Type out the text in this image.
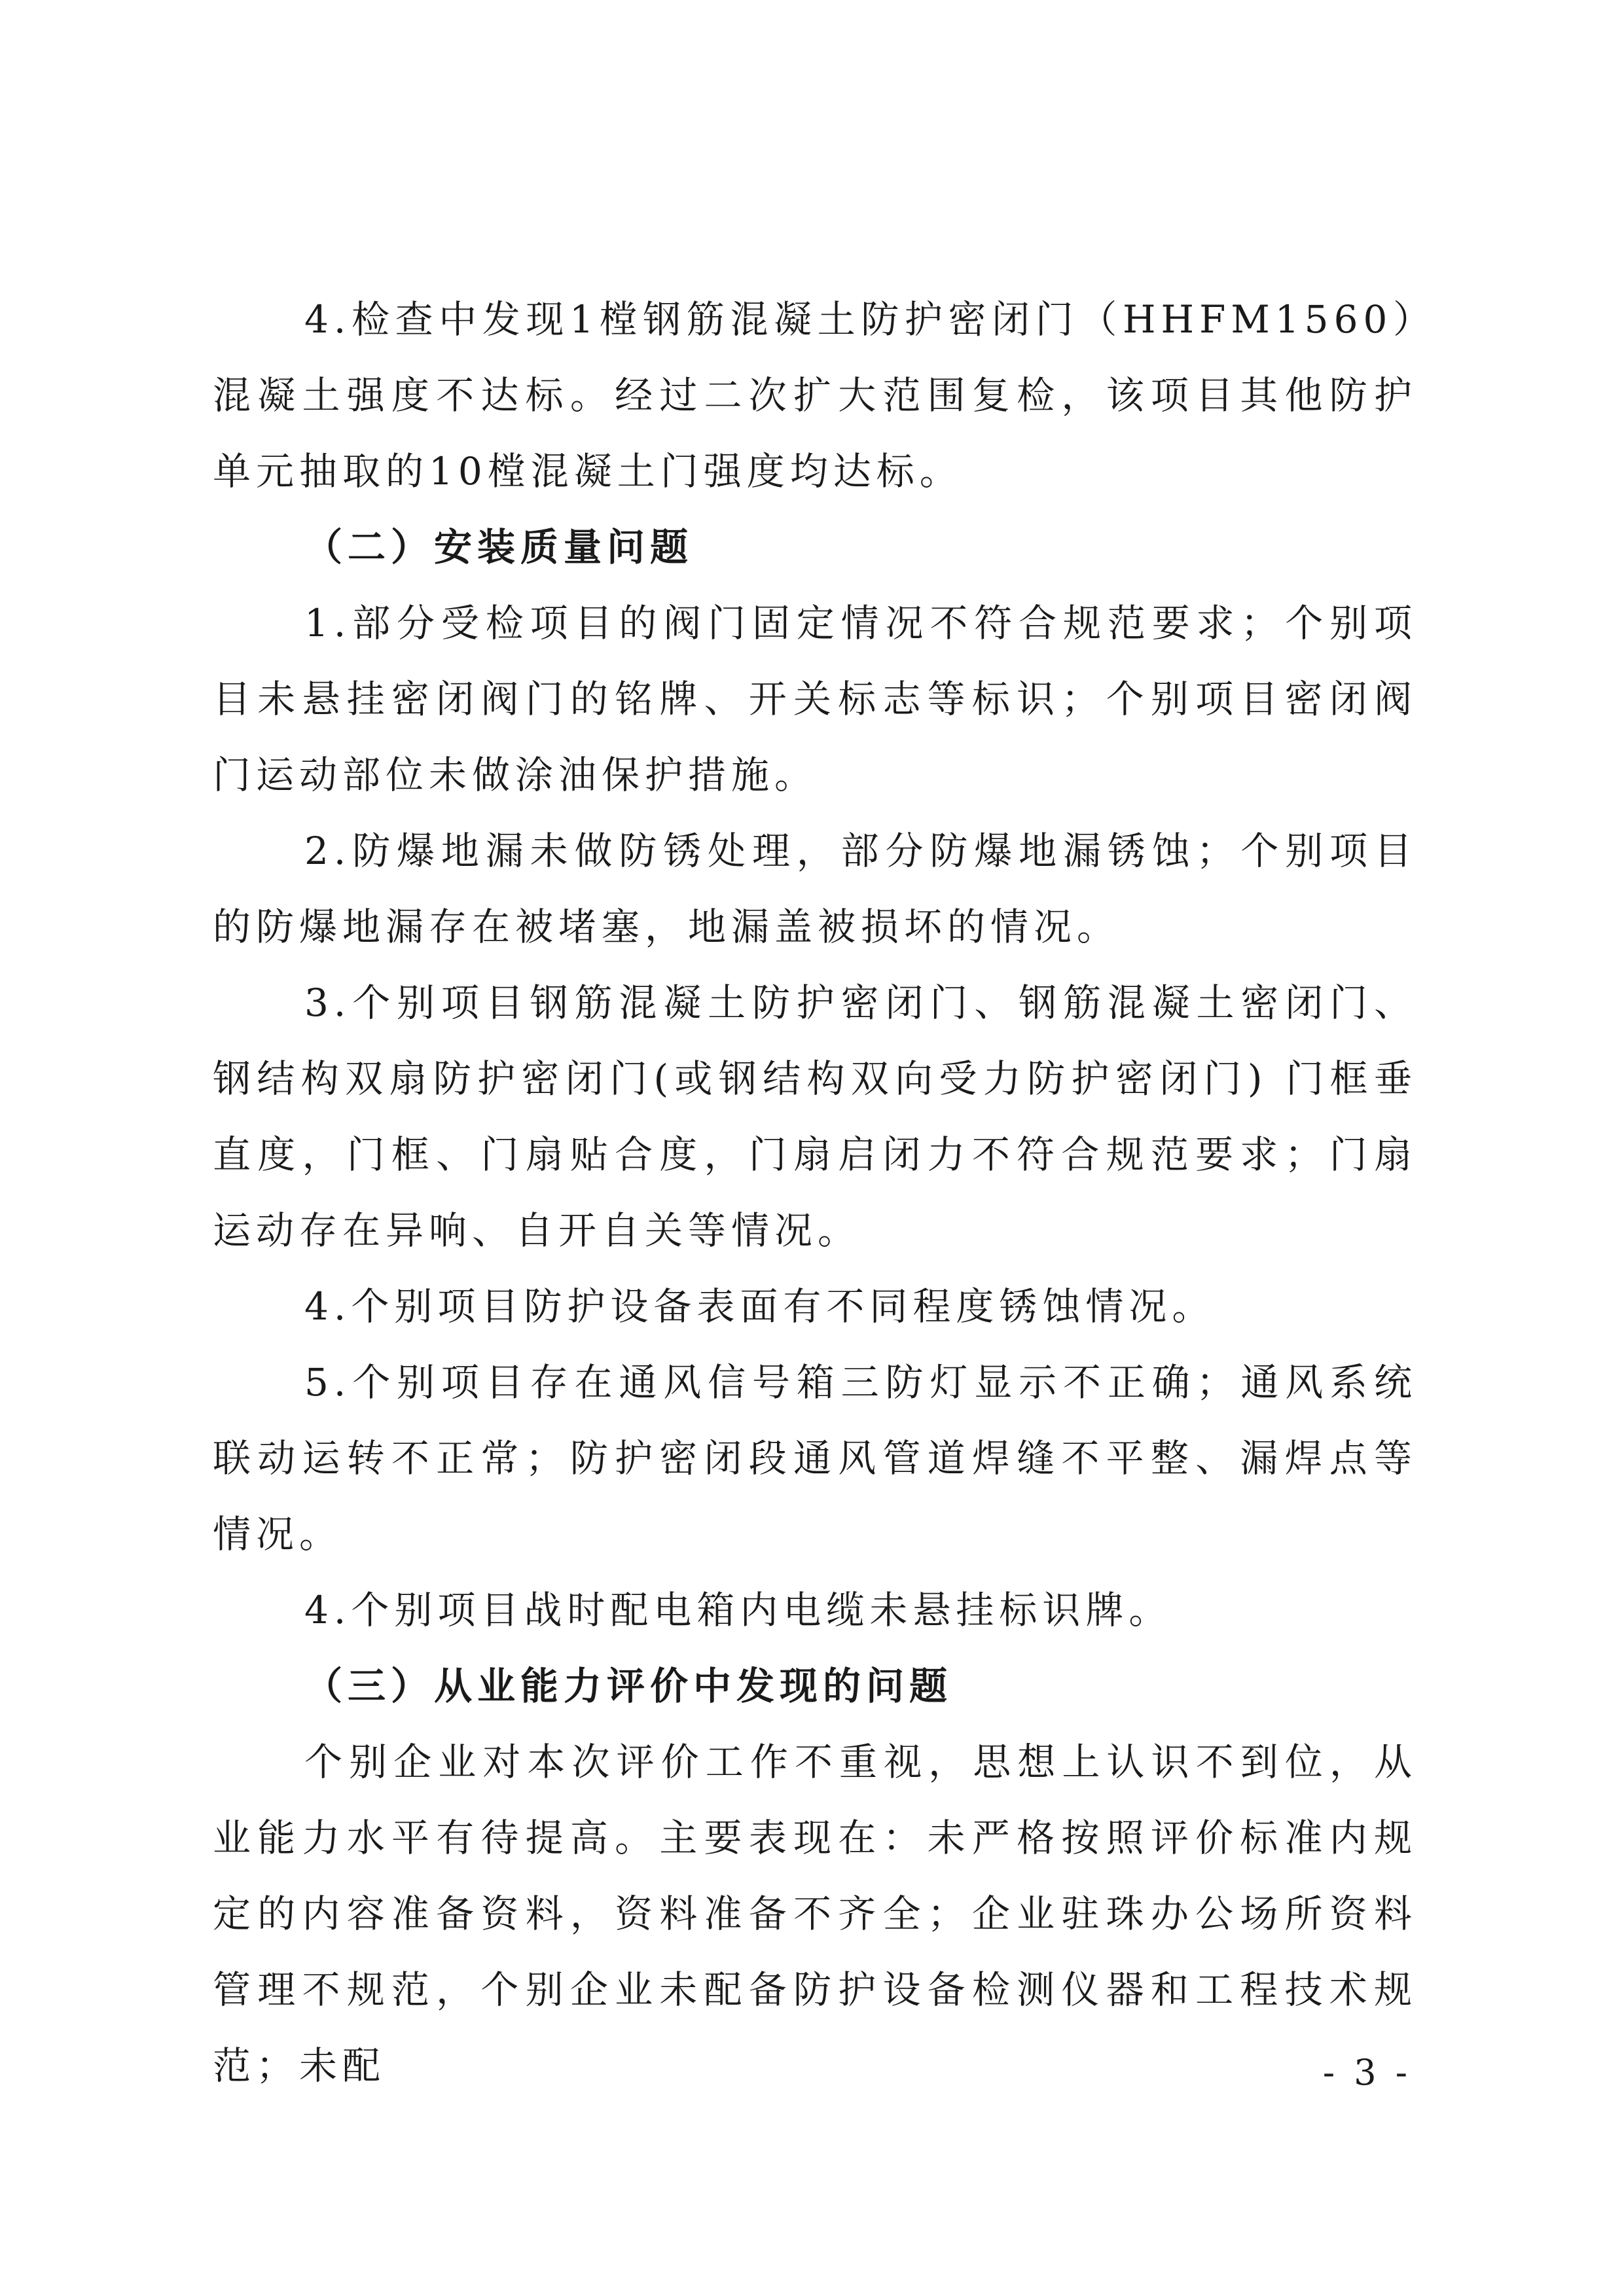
4.检查中发现1樘钢筋混凝土防护密闭门（HHFM1560）混凝土强度不达标。经过二次扩大范围复检，该项目其他防护单元抽取的10樘混凝土门强度均达标。

（二）安装质量问题

1.部分受检项目的阀门固定情况不符合规范要求；个别项目未悬挂密闭阀门的铭牌、开关标志等标识；个别项目密闭阀门运动部位未做涂油保护措施。

2.防爆地漏未做防锈处理，部分防爆地漏锈蚀；个别项目的防爆地漏存在被堵塞，地漏盖被损坏的情况。

3.个别项目钢筋混凝土防护密闭门、钢筋混凝土密闭门、钢结构双扇防护密闭门(或钢结构双向受力防护密闭门) 门框垂直度，门框、门扇贴合度，门扇启闭力不符合规范要求；门扇运动存在异响、自开自关等情况。

4.个别项目防护设备表面有不同程度锈蚀情况。

5.个别项目存在通风信号箱三防灯显示不正确；通风系统联动运转不正常；防护密闭段通风管道焊缝不平整、漏焊点等情况。

4.个别项目战时配电箱内电缆未悬挂标识牌。

（三）从业能力评价中发现的问题

个别企业对本次评价工作不重视，思想上认识不到位，从业能力水平有待提高。主要表现在：未严格按照评价标准内规定的内容准备资料，资料准备不齐全；企业驻珠办公场所资料管理不规范，个别企业未配备防护设备检测仪器和工程技术规范；未配	- 3 -
